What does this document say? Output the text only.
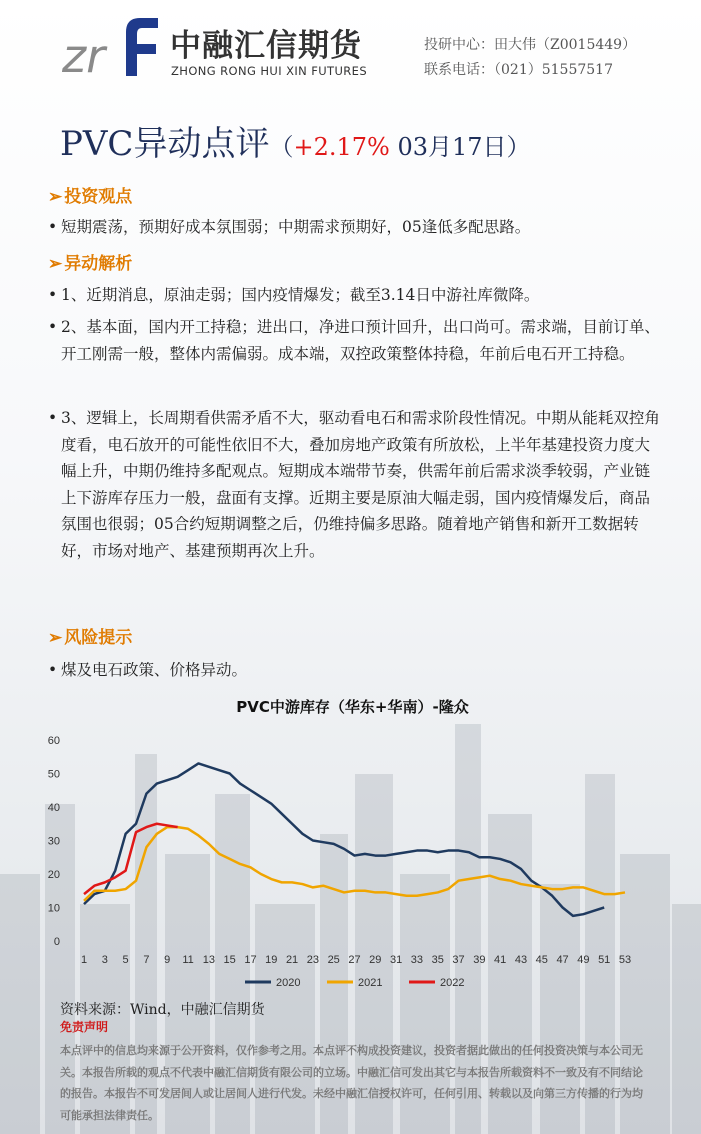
zr 中融汇信期货
ZHONG RONG HUI XIN FUTURES
投研中心：田大伟（Z0015449）
联系电话：（021）51557517
PVC异动点评（+2.17% 03月17日）
➢ 投资观点
• 短期震荡，预期好成本氛围弱；中期需求预期好，05逢低多配思路。
➢ 异动解析
• 1、近期消息，原油走弱；国内疫情爆发；截至3.14日中游社库微降。
• 2、基本面，国内开工持稳；进出口，净进口预计回升，出口尚可。需求端，目前订单、开工刚需一般，整体内需偏弱。成本端，双控政策整体持稳，年前后电石开工持稳。
• 3、逻辑上，长周期看供需矛盾不大，驱动看电石和需求阶段性情况。中期从能耗双控角度看，电石放开的可能性依旧不大，叠加房地产政策有所放松，上半年基建投资力度大幅上升，中期仍维持多配观点。短期成本端带节奏，供需年前后需求淡季较弱，产业链上下游库存压力一般，盘面有支撑。近期主要是原油大幅走弱，国内疫情爆发后，商品氛围也很弱；05合约短期调整之后，仍维持偏多思路。随着地产销售和新开工数据转好，市场对地产、基建预期再次上升。
➢ 风险提示
• 煤及电石政策、价格异动。
PVC中游库存（华东+华南）-隆众
0
10
20
30
40
50
60
1 3 5 7 9 11 13 15 17 19 21 23 25 27 29 31 33 35 37 39 41 43 45 47 49 51 53
2020	2021	2022
资料来源：Wind，中融汇信期货
免责声明
本点评中的信息均来源于公开资料，仅作参考之用。本点评不构成投资建议，投资者据此做出的任何投资决策与本公司无关。本报告所载的观点不代表中融汇信期货有限公司的立场。中融汇信可发出其它与本报告所载资料不一致及有不同结论的报告。本报告不可发居间人或让居间人进行代发。未经中融汇信授权许可，任何引用、转载以及向第三方传播的行为均可能承担法律责任。
